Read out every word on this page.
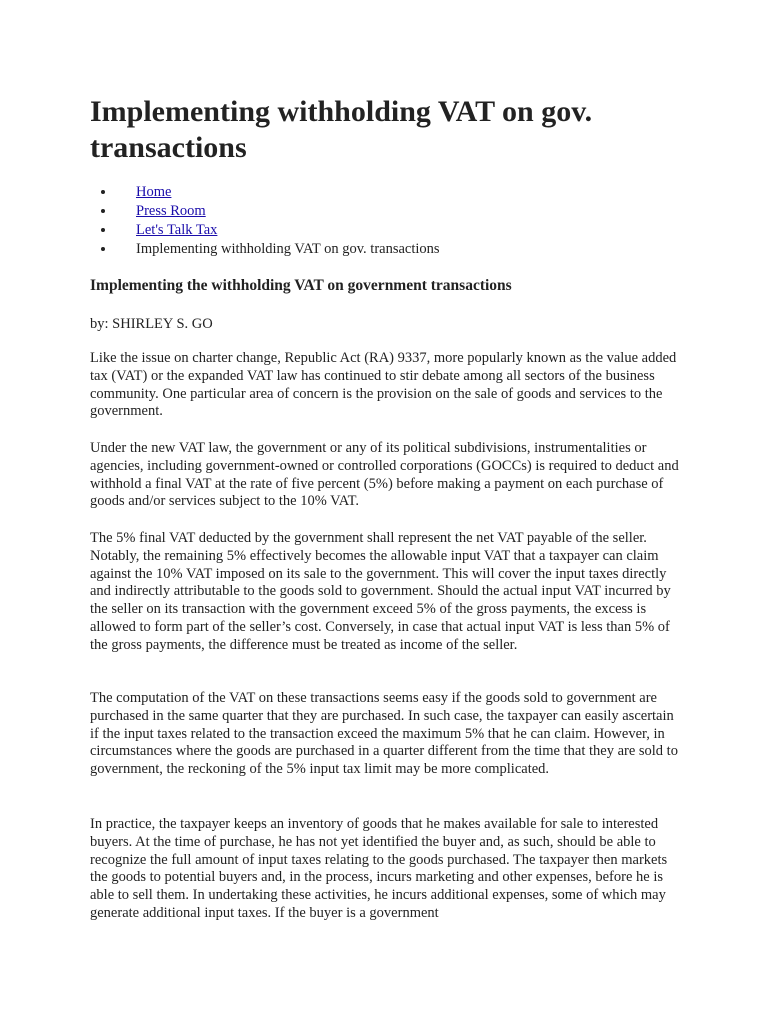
Implementing withholding VAT on gov. transactions
• Home
• Press Room
• Let's Talk Tax
• Implementing withholding VAT on gov. transactions
Implementing the withholding VAT on government transactions

by: SHIRLEY S. GO

Like the issue on charter change, Republic Act (RA) 9337, more popularly known as the value added tax (VAT) or the expanded VAT law has continued to stir debate among all sectors of the business community. One particular area of concern is the provision on the sale of goods and services to the government.

Under the new VAT law, the government or any of its political subdivisions, instrumentalities or agencies, including government-owned or controlled corporations (GOCCs) is required to deduct and withhold a final VAT at the rate of five percent (5%) before making a payment on each purchase of goods and/or services subject to the 10% VAT.

The 5% final VAT deducted by the government shall represent the net VAT payable of the seller. Notably, the remaining 5% effectively becomes the allowable input VAT that a taxpayer can claim against the 10% VAT imposed on its sale to the government. This will cover the input taxes directly and indirectly attributable to the goods sold to government. Should the actual input VAT incurred by the seller on its transaction with the government exceed 5% of the gross payments, the excess is allowed to form part of the seller’s cost. Conversely, in case that actual input VAT is less than 5% of the gross payments, the difference must be treated as income of the seller.

The computation of the VAT on these transactions seems easy if the goods sold to government are purchased in the same quarter that they are purchased. In such case, the taxpayer can easily ascertain if the input taxes related to the transaction exceed the maximum 5% that he can claim. However, in circumstances where the goods are purchased in a quarter different from the time that they are sold to government, the reckoning of the 5% input tax limit may be more complicated.

In practice, the taxpayer keeps an inventory of goods that he makes available for sale to interested buyers. At the time of purchase, he has not yet identified the buyer and, as such, should be able to recognize the full amount of input taxes relating to the goods purchased. The taxpayer then markets the goods to potential buyers and, in the process, incurs marketing and other expenses, before he is able to sell them. In undertaking these activities, he incurs additional expenses, some of which may generate additional input taxes. If the buyer is a government
